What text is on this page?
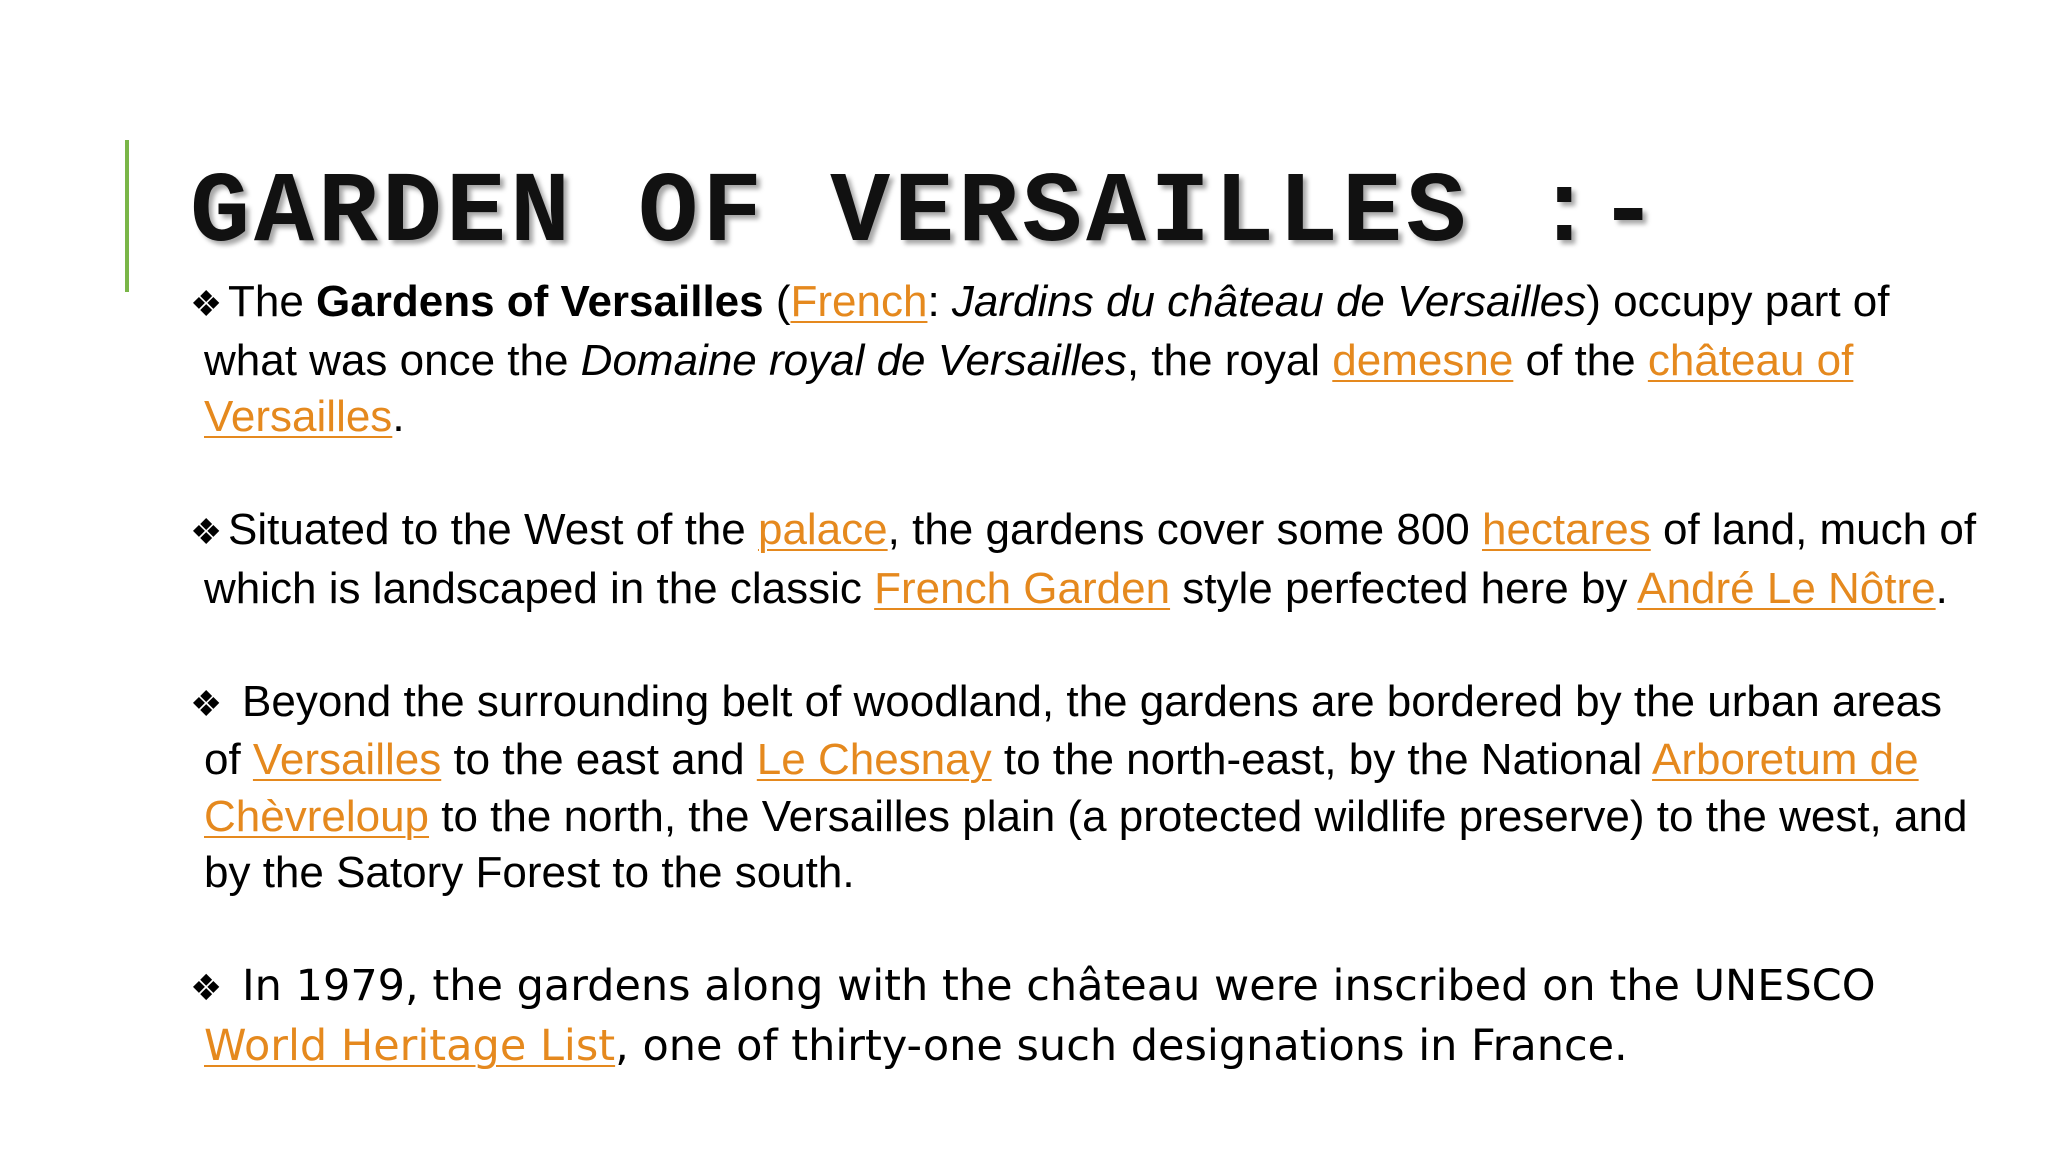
GARDEN OF VERSAILLES :-
❖ The Gardens of Versailles (French: Jardins du château de Versailles) occupy part of what was once the Domaine royal de Versailles, the royal demesne of the château of Versailles.
❖ Situated to the West of the palace, the gardens cover some 800 hectares of land, much of which is landscaped in the classic French Garden style perfected here by André Le Nôtre.
❖ Beyond the surrounding belt of woodland, the gardens are bordered by the urban areas of Versailles to the east and Le Chesnay to the north-east, by the National Arboretum de Chèvreloup to the north, the Versailles plain (a protected wildlife preserve) to the west, and by the Satory Forest to the south.
❖ In 1979, the gardens along with the château were inscribed on the UNESCO World Heritage List, one of thirty-one such designations in France.
